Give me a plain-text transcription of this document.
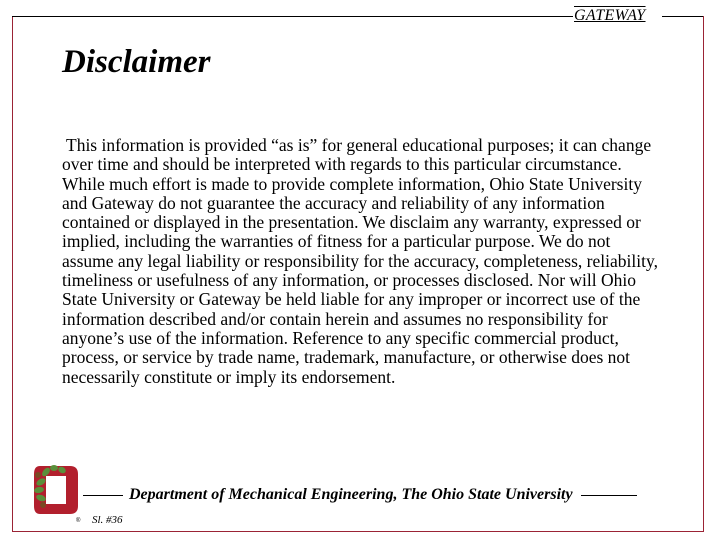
GATEWAY
Disclaimer

This information is provided “as is” for general educational purposes; it can change over time and should be interpreted with regards to this particular circumstance. While much effort is made to provide complete information, Ohio State University and Gateway do not guarantee the accuracy and reliability of any information contained or displayed in the presentation. We disclaim any warranty, expressed or implied, including the warranties of fitness for a particular purpose. We do not assume any legal liability or responsibility for the accuracy, completeness, reliability, timeliness or usefulness of any information, or processes disclosed. Nor will Ohio State University or Gateway be held liable for any improper or incorrect use of the information described and/or contain herein and assumes no responsibility for anyone’s use of the information. Reference to any specific commercial product, process, or service by trade name, trademark, manufacture, or otherwise does not necessarily constitute or imply its endorsement.

®
Department of Mechanical Engineering, The Ohio State University
Sl. #36
